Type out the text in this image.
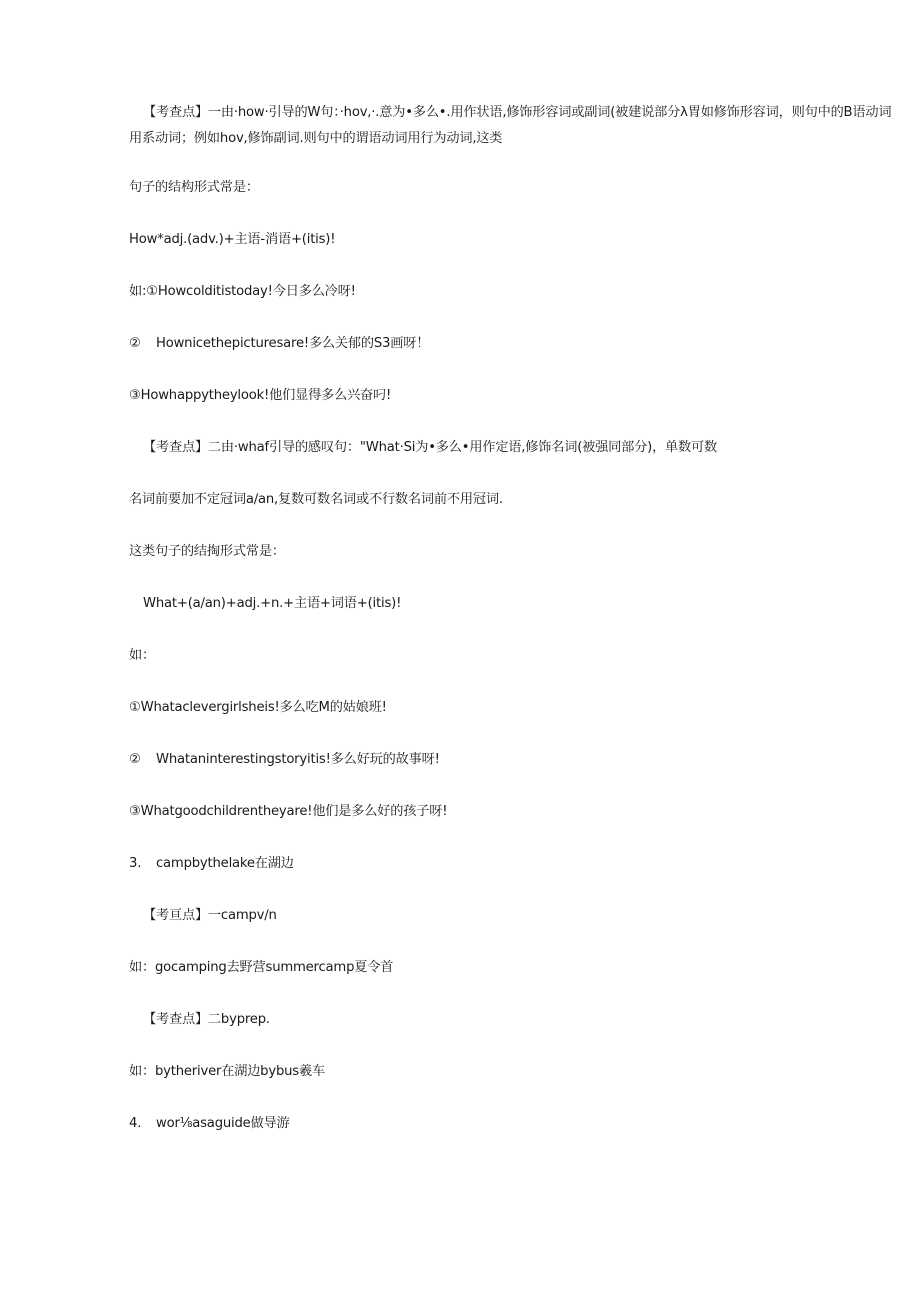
【考查点】一由·how·引导的W句：·hov,·.意为•多么•.用作状语,修饰形容词或副词(被建说部分λ胃如修饰形容词，则句中的B语动词用系动词；例如hov,修饰副词.则句中的谓语动词用行为动词,这类
句子的结构形式常是：
How*adj.(adv.)+主语-消语+(itis)!
如:①Howcolditistoday!今日多么冷呀!
② Hownicethepicturesare!多么关郁的S3画呀！
③Howhappytheylook!他们显得多么兴奋叼!
【考查点】二由·whaf引导的感叹句："What·Si为•多么•用作定语,修饰名词(被强同部分)，单数可数
名词前要加不定冠词a∕an,复数可数名词或不行数名词前不用冠词.
这类句子的结掏形式常是：
What+(a∕an)+adj.+n.+主语+词语+(itis)!
如：
①Whataclevergirlsheis!多么吃M的姑娘班!
② Whataninterestingstoryitis!多么好玩的故事呀!
③Whatgoodchildrentheyare!他们是多么好的孩子呀!
3. campbythelake在湖边
【考亘点】一campv∕n
如：gocamping去野营summercamp夏令首
【考查点】二byprep.
如：bytheriver在湖边bybus羲车
4. wor⅛asaguide做导游
